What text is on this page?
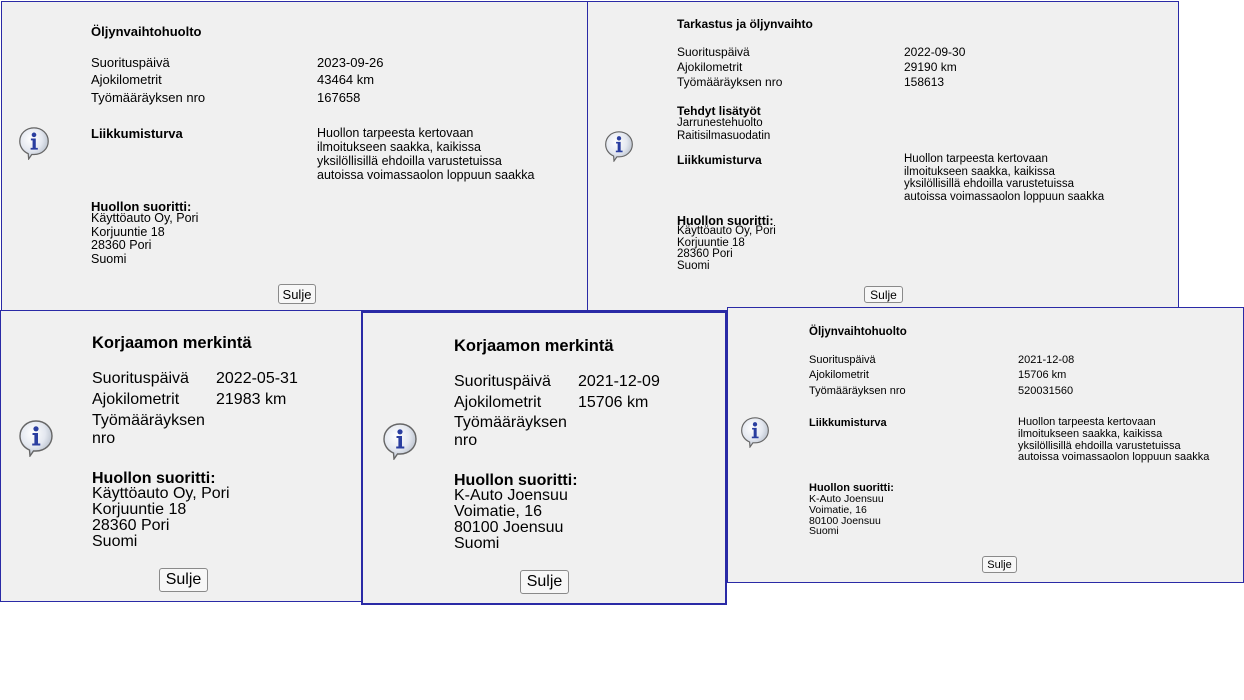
Öljynvaihtohuolto
Suorituspäivä	2023-09-26
Ajokilometrit	43464 km
Työmääräyksen nro	167658
Liikkumisturva	Huollon tarpeesta kertovaan
ilmoitukseen saakka, kaikissa
yksilöllisillä ehdoilla varustetuissa
autoissa voimassaolon loppuun saakka
Huollon suoritti:
Käyttöauto Oy, Pori
Korjuuntie 18
28360 Pori
Suomi
Sulje
Tarkastus ja öljynvaihto
Suorituspäivä	2022-09-30
Ajokilometrit	29190 km
Työmääräyksen nro	158613
Tehdyt lisätyöt
Jarrunestehuolto
Raitisilmasuodatin
Liikkumisturva	Huollon tarpeesta kertovaan
ilmoitukseen saakka, kaikissa
yksilöllisillä ehdoilla varustetuissa
autoissa voimassaolon loppuun saakka
Huollon suoritti:
Käyttöauto Oy, Pori
Korjuuntie 18
28360 Pori
Suomi
Sulje
Korjaamon merkintä
Suorituspäivä 2022-05-31
Ajokilometrit 21983 km
Työmääräyksen
nro
Huollon suoritti:
Käyttöauto Oy, Pori
Korjuuntie 18
28360 Pori
Suomi
Sulje
Korjaamon merkintä
Suorituspäivä 2021-12-09
Ajokilometrit 15706 km
Työmääräyksen
nro
Huollon suoritti:
K-Auto Joensuu
Voimatie, 16
80100 Joensuu
Suomi
Sulje
Öljynvaihtohuolto
Suorituspäivä	2021-12-08
Ajokilometrit	15706 km
Työmääräyksen nro	520031560
Liikkumisturva	Huollon tarpeesta kertovaan
ilmoitukseen saakka, kaikissa
yksilöllisillä ehdoilla varustetuissa
autoissa voimassaolon loppuun saakka
Huollon suoritti:
K-Auto Joensuu
Voimatie, 16
80100 Joensuu
Suomi
Sulje
